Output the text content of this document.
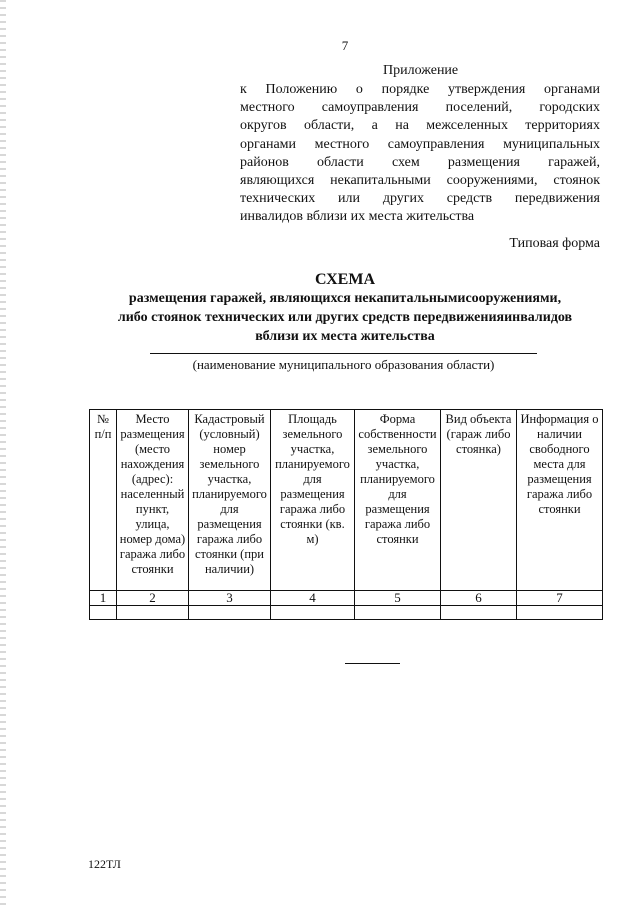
7
Приложение
к Положению о порядке утверждения органами
местного самоуправления поселений, городских
округов области, а на межселенных территориях
органами местного самоуправления муниципальных
районов области схем размещения гаражей,
являющихся некапитальными сооружениями, стоянок
технических или других средств передвижения
инвалидов вблизи их места жительства
Типовая форма
СХЕМА
размещения гаражей, являющихся некапитальнымисооружениями,
либо стоянок технических или других средств передвиженияинвалидов
вблизи их места жительства
(наименование муниципального образования области)
№ п/п	Место размещения (место нахождения (адрес): населенный пункт, улица, номер дома) гаража либо стоянки	Кадастровый (условный) номер земельного участка, планируемого для размещения гаража либо стоянки (при наличии)	Площадь земельного участка, планируемого для размещения гаража либо стоянки (кв. м)	Форма собственности земельного участка, планируемого для размещения гаража либо стоянки	Вид объекта (гараж либо стоянка)	Информация о наличии свободного места для размещения гаража либо стоянки
1	2	3	4	5	6	7

122ТЛ
